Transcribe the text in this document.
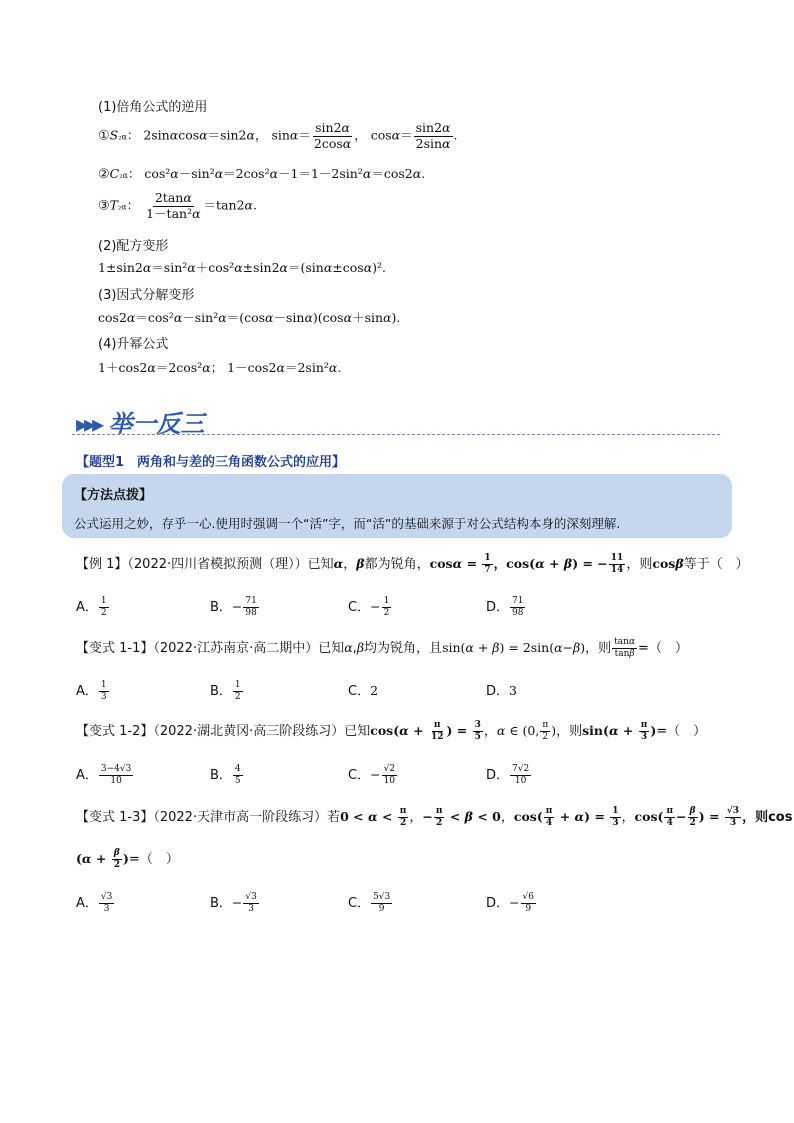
(1)倍角公式的逆用
①S₂α： 2sinαcosα＝sin2α， $\sin\alpha= \frac{\sin 2\alpha}{2\cos\alpha}$ ， $\cos\alpha= \frac{\sin 2\alpha}{2\sin\alpha}$ .
②C₂α： cos²α－sin²α＝2cos²α－1＝1－2sin²α＝cos2α.
③T₂α： $\frac{2\tan\alpha}{\text{1－tan²α}} =\tan 2\alpha$.
(2)配方变形
1±sin2α＝sin²α＋cos²α±sin2α＝(sinα±cosα)².
(3)因式分解变形
cos2α＝cos²α－sin²α＝(cosα－sinα)(cosα＋sinα).
(4)升幂公式
1＋cos2α＝2cos²α； 1－cos2α＝2sin²α.
▸▸▸ 举一反三
【题型1　两角和与差的三角函数公式的应用】
【方法点拨】
公式运用之妙，存乎一心.使用时强调一个“活”字，而“活”的基础来源于对公式结构本身的深刻理解.
【例 1】（2022·四川省模拟预测（理））已知α，β都为锐角，$\cos\alpha = \frac{1}{7}$ ，cos(α + β) = − $\frac{11}{14}$ ，则cosβ等于（　）
A． $\frac{1}{2}$	B．− $\frac{71}{98}$	C．− $\frac{1}{2}$	D． $\frac{71}{98}$
【变式 1-1】（2022·江苏南京·高二期中）已知α,β均为锐角，且sin(α + β) = 2sin(α−β)，则 $\frac{\tan\alpha}{\tan\beta}$ =（　）
A． $\frac{1}{3}$	B． $\frac{1}{2}$	C．2	D．3
【变式 1-2】（2022·湖北黄冈·高三阶段练习）已知$\cos(\alpha + \frac{\pi}{12}$ ) = $\frac{3}{5}$ ，α ∈ (0, $\frac{\pi}{2}$ )，则$\sin(\alpha + \frac{\pi}{3}$ )=（　）
A． $\frac{3-4√3}{10}$	B． $\frac{4}{5}$	C．− $\frac{√2}{10}$	D． $\frac{7√2}{10}$
【变式 1-3】（2022·天津市高一阶段练习）若$0 < \alpha < \frac{\pi}{2}$ ，− $\frac{\pi}{2} < \beta < 0$，$\cos( \frac{\pi}{4} + \alpha) = \frac{1}{3}$ ，$\cos( \frac{\pi}{4} - \frac{\beta}{2}$ ) = $\frac{√3}{3}$ ，则cos
($\alpha + \frac{\beta}{2}$ )=（　）
A． $\frac{√3}{3}$	B．− $\frac{√3}{3}$	C． $\frac{5√3}{9}$	D．− $\frac{√6}{9}$
